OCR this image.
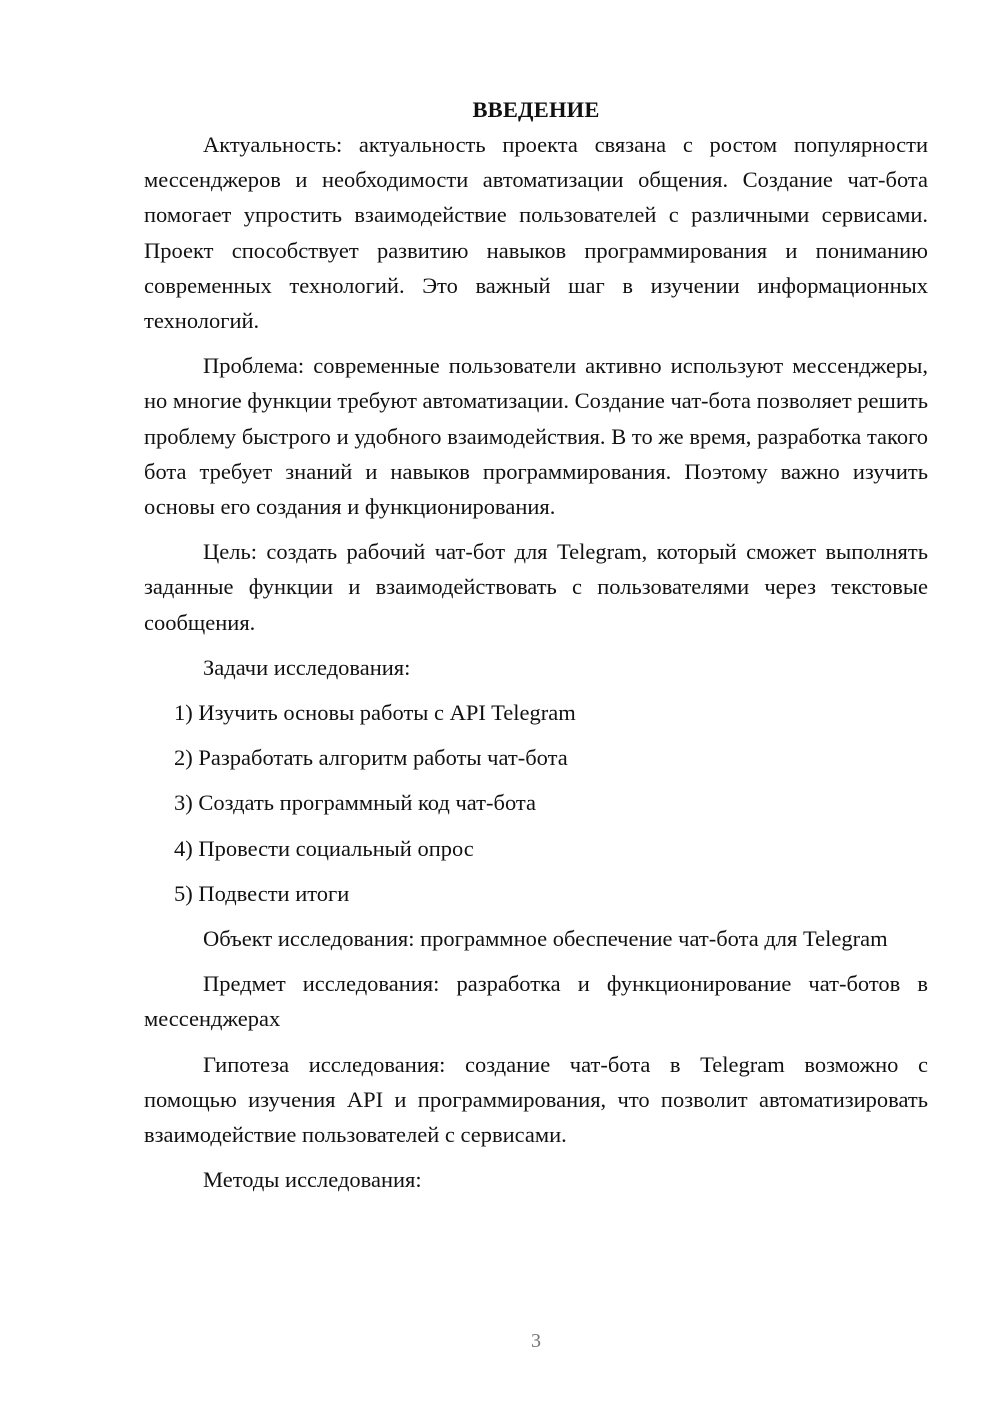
ВВЕДЕНИЕ

Актуальность: актуальность проекта связана с ростом популярности мессенджеров и необходимости автоматизации общения. Создание чат-бота помогает упростить взаимодействие пользователей с различными сервисами. Проект способствует развитию навыков программирования и пониманию современных технологий. Это важный шаг в изучении информационных технологий.

Проблема: современные пользователи активно используют мессенджеры, но многие функции требуют автоматизации. Создание чат-бота позволяет решить проблему быстрого и удобного взаимодействия. В то же время, разработка такого бота требует знаний и навыков программирования. Поэтому важно изучить основы его создания и функционирования.

Цель: создать рабочий чат-бот для Telegram, который сможет выполнять заданные функции и взаимодействовать с пользователями через текстовые сообщения.

Задачи исследования:

1) Изучить основы работы с API Telegram

2) Разработать алгоритм работы чат-бота

3) Создать программный код чат-бота

4) Провести социальный опрос

5) Подвести итоги

Объект исследования: программное обеспечение чат-бота для Telegram

Предмет исследования: разработка и функционирование чат-ботов в мессенджерах

Гипотеза исследования: создание чат-бота в Telegram возможно с помощью изучения API и программирования, что позволит автоматизировать взаимодействие пользователей с сервисами.

Методы исследования:

3
